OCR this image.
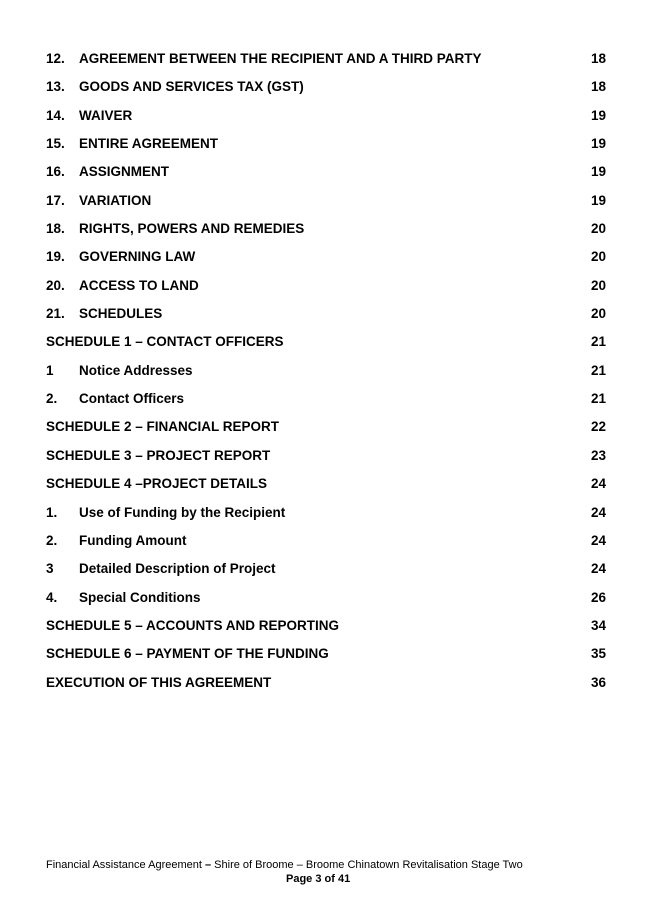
12. AGREEMENT BETWEEN THE RECIPIENT AND A THIRD PARTY	18
13. GOODS AND SERVICES TAX (GST)	18
14. WAIVER	19
15. ENTIRE AGREEMENT	19
16. ASSIGNMENT	19
17. VARIATION	19
18. RIGHTS, POWERS AND REMEDIES	20
19. GOVERNING LAW	20
20. ACCESS TO LAND	20
21. SCHEDULES	20
SCHEDULE 1 – CONTACT OFFICERS	21
1 Notice Addresses	21
2. Contact Officers	21
SCHEDULE 2 – FINANCIAL REPORT	22
SCHEDULE 3 – PROJECT REPORT	23
SCHEDULE 4 –PROJECT DETAILS	24
1. Use of Funding by the Recipient	24
2. Funding Amount	24
3 Detailed Description of Project	24
4. Special Conditions	26
SCHEDULE 5 – ACCOUNTS AND REPORTING	34
SCHEDULE 6 – PAYMENT OF THE FUNDING	35
EXECUTION OF THIS AGREEMENT	36
Financial Assistance Agreement – Shire of Broome – Broome Chinatown Revitalisation Stage Two
Page 3 of 41
